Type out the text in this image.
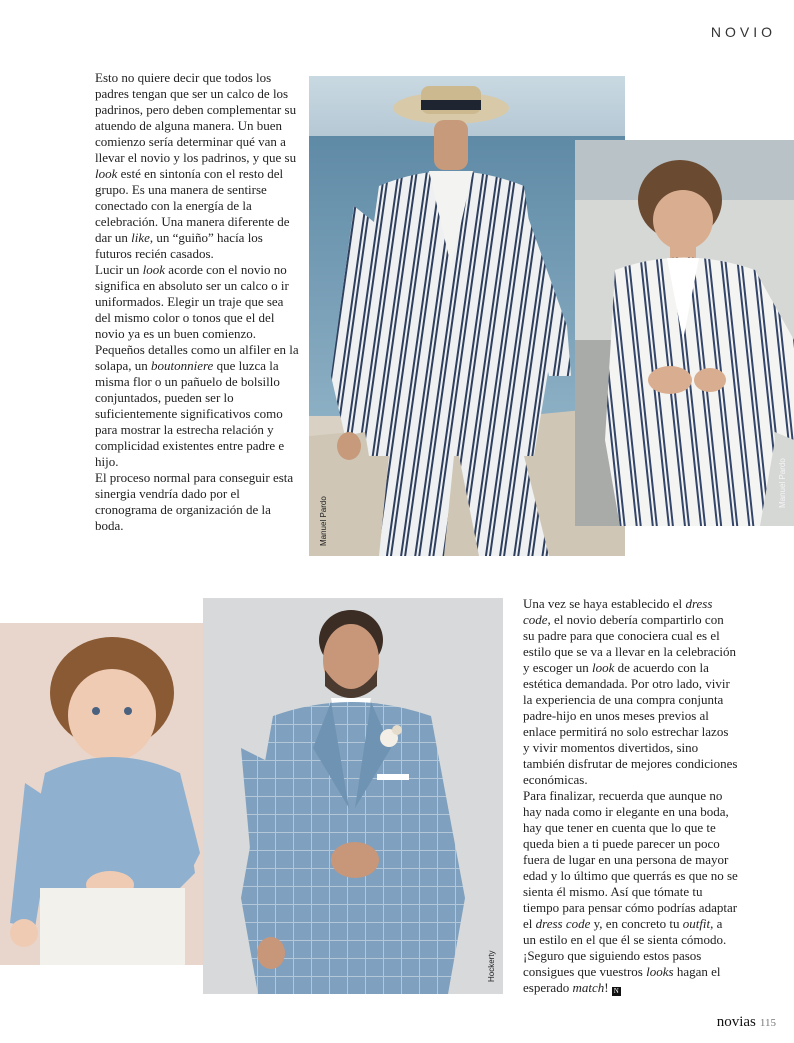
NOVIO

Esto no quiere decir que todos los padres tengan que ser un calco de los padrinos, pero deben complementar su atuendo de alguna manera. Un buen comienzo sería determinar qué van a llevar el novio y los padrinos, y que su look esté en sintonía con el resto del grupo. Es una manera de sentirse conectado con la energía de la celebración. Una manera diferente de dar un like, un “guiño” hacía los futuros recién casados.

Lucir un look acorde con el novio no significa en absoluto ser un calco o ir uniformados. Elegir un traje que sea del mismo color o tonos que el del novio ya es un buen comienzo. Pequeños detalles como un alfiler en la solapa, un boutonniere que luzca la misma flor o un pañuelo de bolsillo conjuntados, pueden ser lo suficientemente significativos como para mostrar la estrecha relación y complicidad existentes entre padre e hijo.

El proceso normal para conseguir esta sinergia vendría dado por el cronograma de organización de la boda.	Manuel Pardo
Manuel Pardo
Hockerty

Una vez se haya establecido el dress code, el novio debería compartirlo con su padre para que conociera cual es el estilo que se va a llevar en la celebración y escoger un look de acuerdo con la estética demandada. Por otro lado, vivir la experiencia de una compra conjunta padre-hijo en unos meses previos al enlace permitirá no solo estrechar lazos y vivir momentos divertidos, sino también disfrutar de mejores condiciones económicas.

Para finalizar, recuerda que aunque no hay nada como ir elegante en una boda, hay que tener en cuenta que lo que te queda bien a ti puede parecer un poco fuera de lugar en una persona de mayor edad y lo último que querrás es que no se sienta él mismo. Así que tómate tu tiempo para pensar cómo podrías adaptar el dress code y, en concreto tu outfit, a un estilo en el que él se sienta cómodo. ¡Seguro que siguiendo estos pasos consigues que vuestros looks hagan el esperado match! N

novias 115
